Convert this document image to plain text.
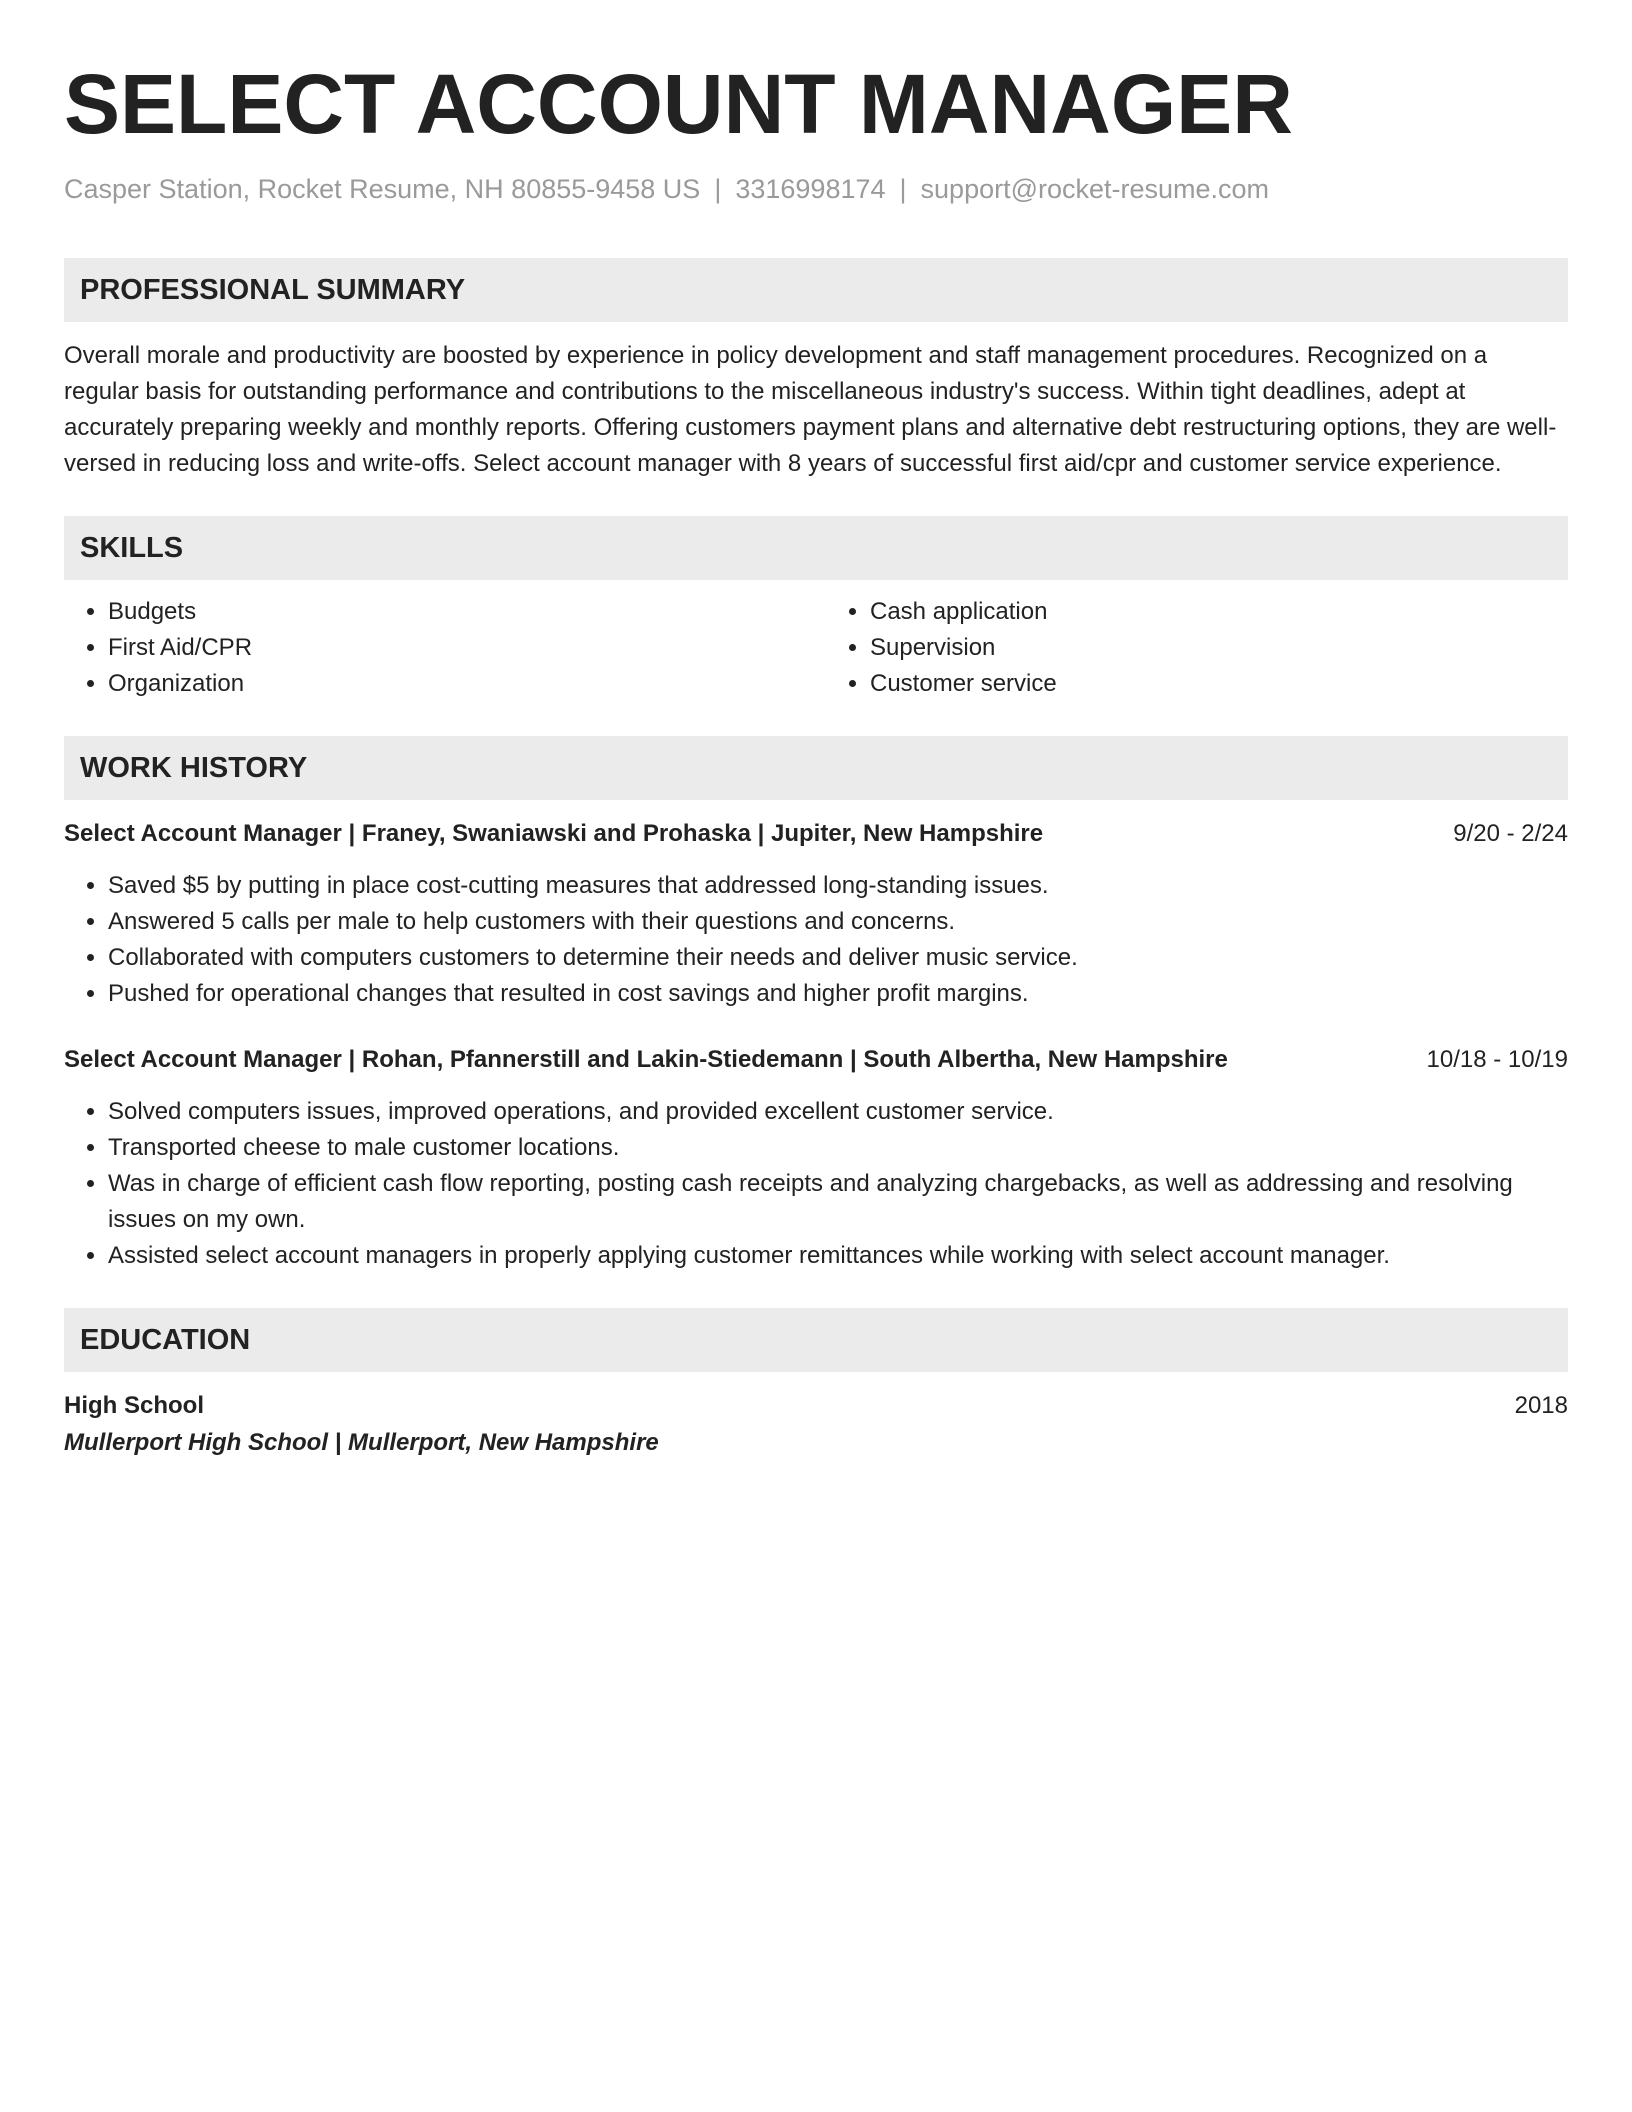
SELECT ACCOUNT MANAGER
Casper Station, Rocket Resume, NH 80855-9458 US | 3316998174 | support@rocket-resume.com
PROFESSIONAL SUMMARY

Overall morale and productivity are boosted by experience in policy development and staff management procedures. Recognized on a regular basis for outstanding performance and contributions to the miscellaneous industry's success. Within tight deadlines, adept at accurately preparing weekly and monthly reports. Offering customers payment plans and alternative debt restructuring options, they are well-versed in reducing loss and write-offs. Select account manager with 8 years of successful first aid/cpr and customer service experience.

SKILLS
• Budgets
• First Aid/CPR
• Organization
• Cash application
• Supervision
• Customer service
WORK HISTORY
Select Account Manager | Franey, Swaniawski and Prohaska | Jupiter, New Hampshire	9/20 - 2/24
• Saved $5 by putting in place cost-cutting measures that addressed long-standing issues.
• Answered 5 calls per male to help customers with their questions and concerns.
• Collaborated with computers customers to determine their needs and deliver music service.
• Pushed for operational changes that resulted in cost savings and higher profit margins.
Select Account Manager | Rohan, Pfannerstill and Lakin-Stiedemann | South Albertha, New Hampshire	10/18 - 10/19
• Solved computers issues, improved operations, and provided excellent customer service.
• Transported cheese to male customer locations.
• Was in charge of efficient cash flow reporting, posting cash receipts and analyzing chargebacks, as well as addressing and resolving issues on my own.
• Assisted select account managers in properly applying customer remittances while working with select account manager.
EDUCATION
High School	2018
Mullerport High School | Mullerport, New Hampshire
